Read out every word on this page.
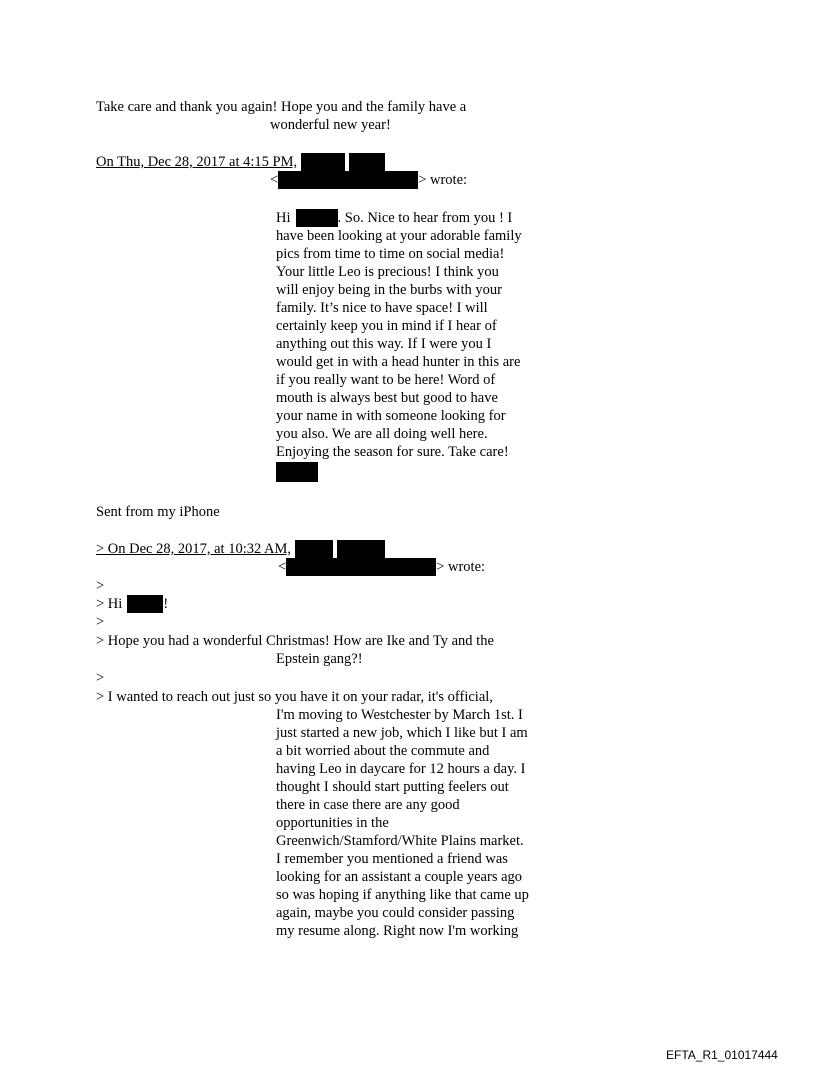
Take care and thank you again! Hope you and the family have a
wonderful new year!
On Thu, Dec 28, 2017 at 4:15 PM,
<	> wrote:
Hi	. So. Nice to hear from you ! I
have been looking at your adorable family
pics from time to time on social media!
Your little Leo is precious! I think you
will enjoy being in the burbs with your
family. It’s nice to have space! I will
certainly keep you in mind if I hear of
anything out this way. If I were you I
would get in with a head hunter in this are
if you really want to be here! Word of
mouth is always best but good to have
your name in with someone looking for
you also. We are all doing well here.
Enjoying the season for sure. Take care!
Sent from my iPhone
> On Dec 28, 2017, at 10:32 AM,
<	> wrote:
>
> Hi	!
>
> Hope you had a wonderful Christmas! How are Ike and Ty and the
Epstein gang?!
>
> I wanted to reach out just so you have it on your radar, it's official,
I'm moving to Westchester by March 1st. I
just started a new job, which I like but I am
a bit worried about the commute and
having Leo in daycare for 12 hours a day. I
thought I should start putting feelers out
there in case there are any good
opportunities in the
Greenwich/Stamford/White Plains market.
I remember you mentioned a friend was
looking for an assistant a couple years ago
so was hoping if anything like that came up
again, maybe you could consider passing
my resume along. Right now I'm working
EFTA_R1_01017444
